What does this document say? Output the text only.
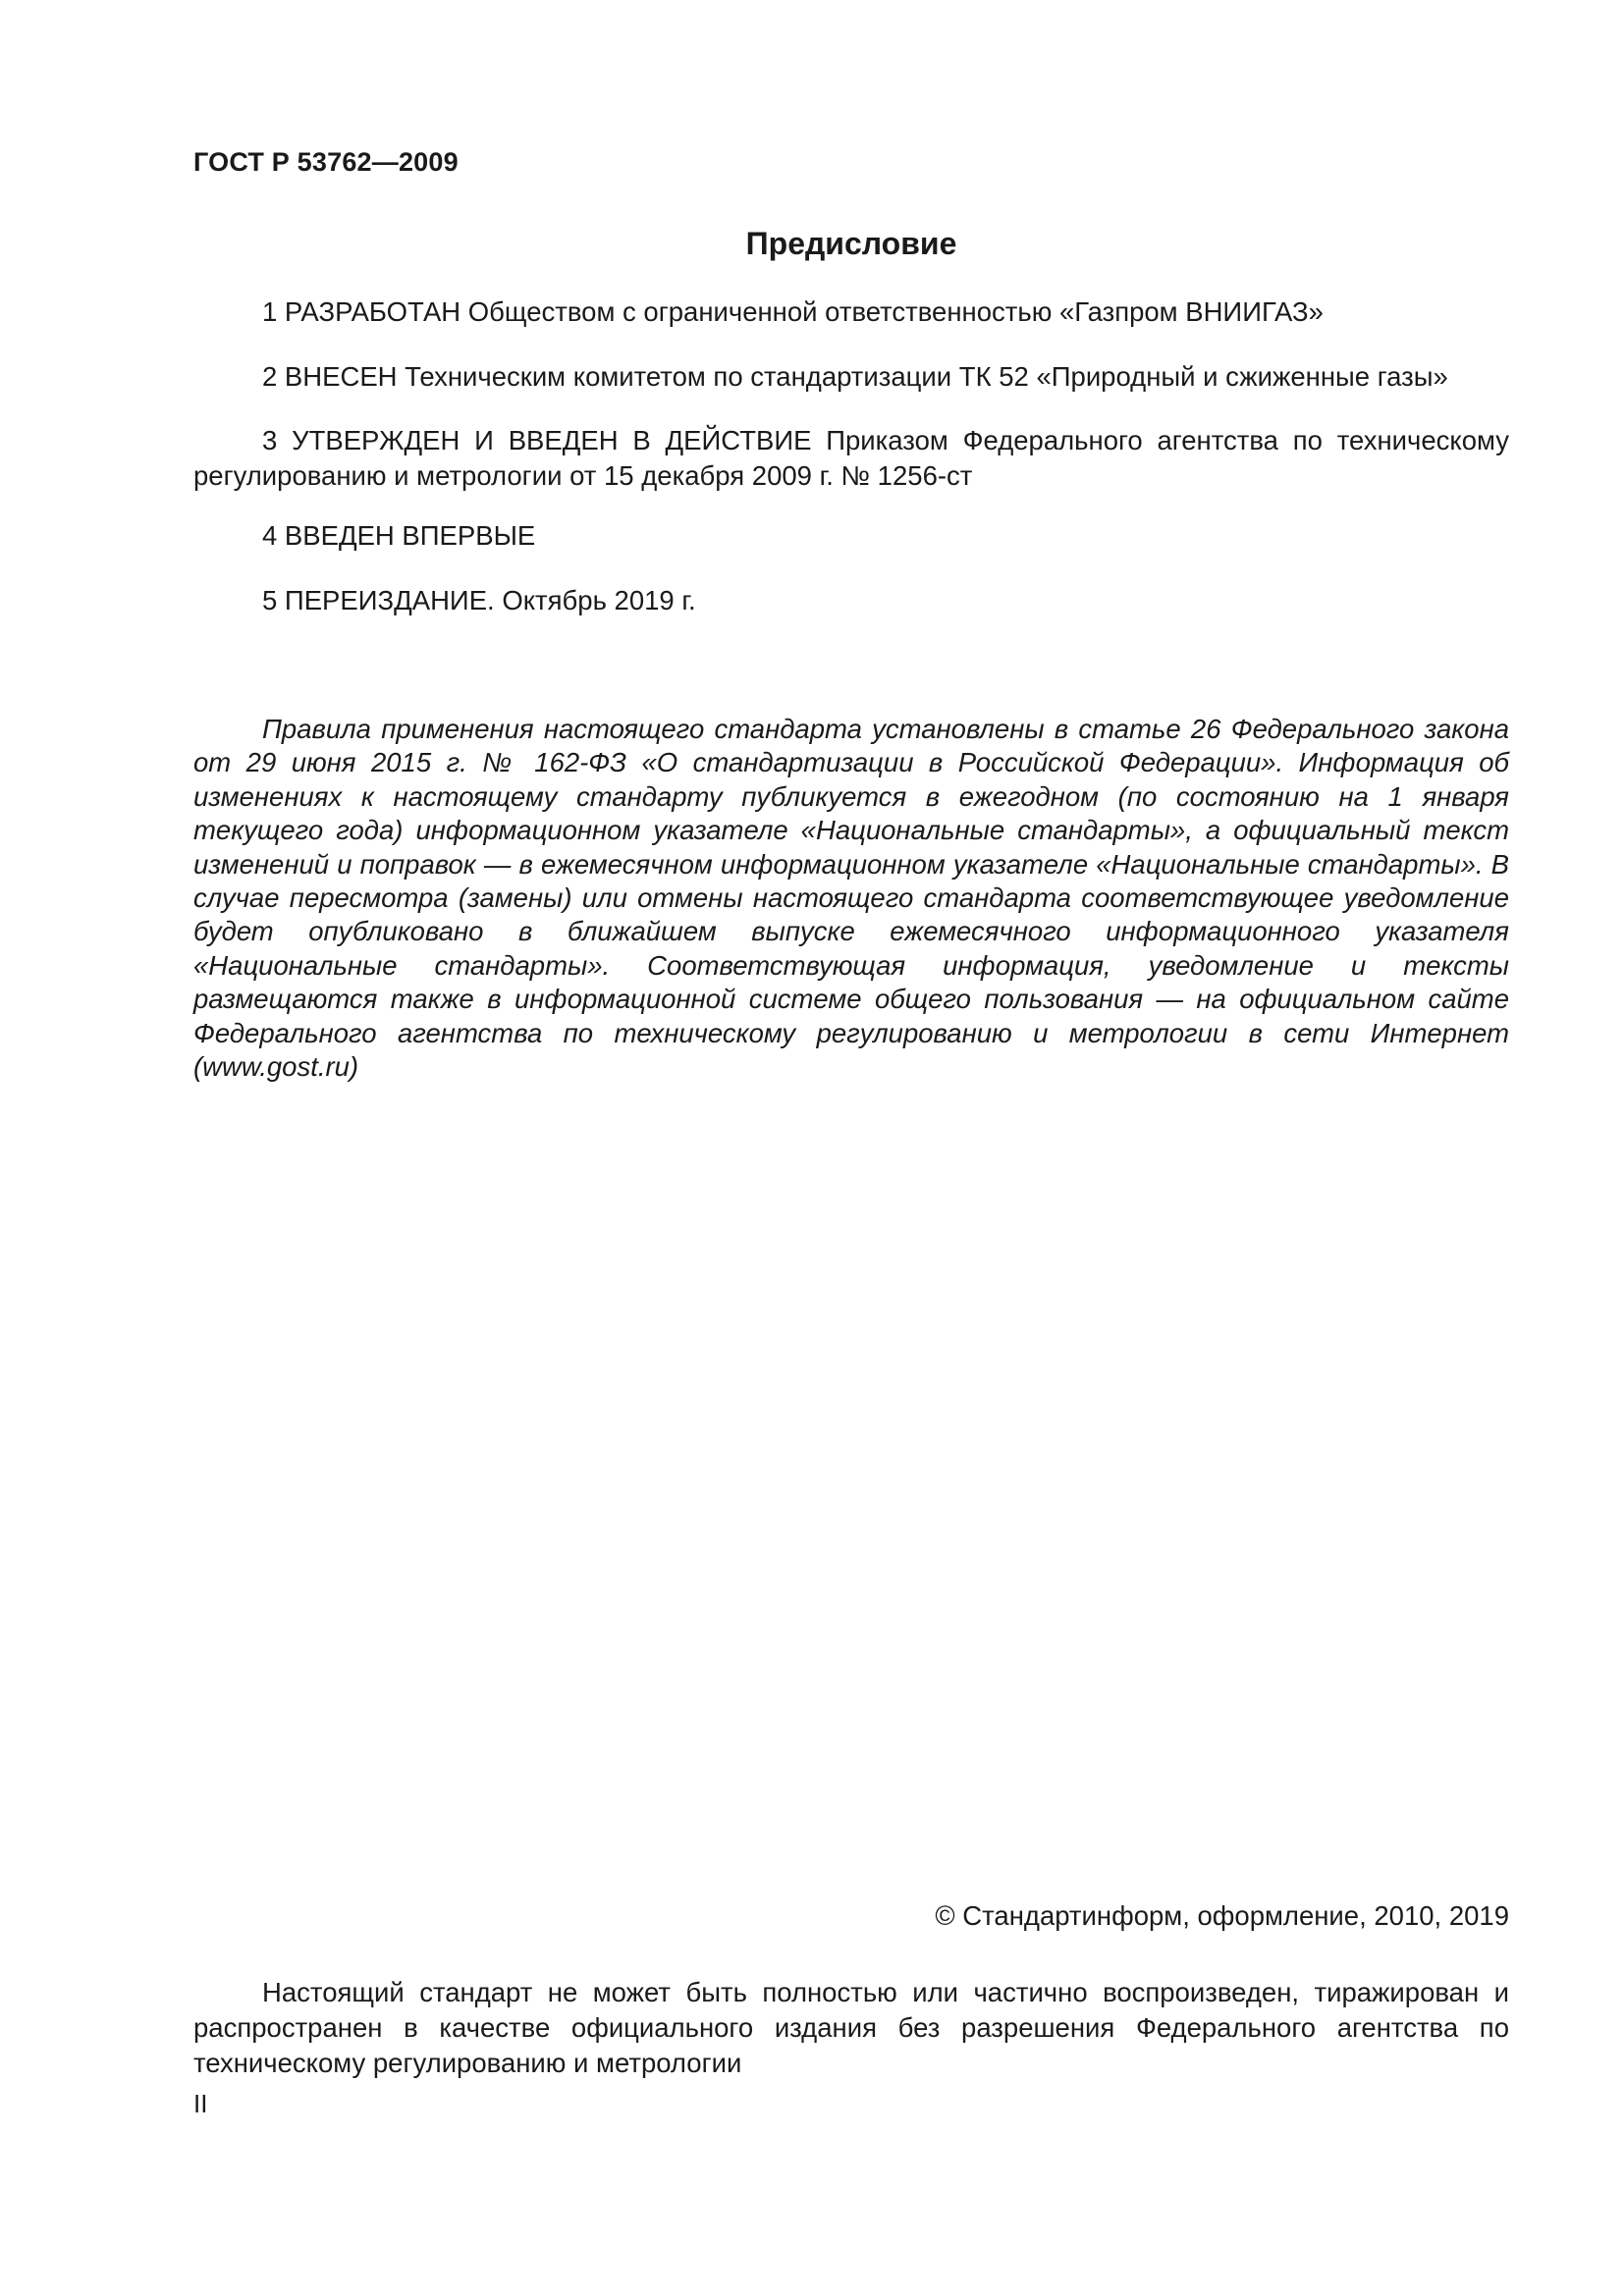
ГОСТ Р 53762—2009
Предисловие
1 РАЗРАБОТАН Обществом с ограниченной ответственностью «Газпром ВНИИГАЗ»
2 ВНЕСЕН Техническим комитетом по стандартизации ТК 52 «Природный и сжиженные газы»
3 УТВЕРЖДЕН И ВВЕДЕН В ДЕЙСТВИЕ Приказом Федерального агентства по техническому регулированию и метрологии от 15 декабря 2009 г. № 1256-ст
4 ВВЕДЕН ВПЕРВЫЕ
5 ПЕРЕИЗДАНИЕ. Октябрь 2019 г.
Правила применения настоящего стандарта установлены в статье 26 Федерального закона от 29 июня 2015 г. № 162-ФЗ «О стандартизации в Российской Федерации». Информация об изменениях к настоящему стандарту публикуется в ежегодном (по состоянию на 1 января текущего года) информационном указателе «Национальные стандарты», а официальный текст изменений и поправок — в ежемесячном информационном указателе «Национальные стандарты». В случае пересмотра (замены) или отмены настоящего стандарта соответствующее уведомление будет опубликовано в ближайшем выпуске ежемесячного информационного указателя «Национальные стандарты». Соответствующая информация, уведомление и тексты размещаются также в информационной системе общего пользования — на официальном сайте Федерального агентства по техническому регулированию и метрологии в сети Интернет (www.gost.ru)
© Стандартинформ, оформление, 2010, 2019
Настоящий стандарт не может быть полностью или частично воспроизведен, тиражирован и распространен в качестве официального издания без разрешения Федерального агентства по техническому регулированию и метрологии
II
